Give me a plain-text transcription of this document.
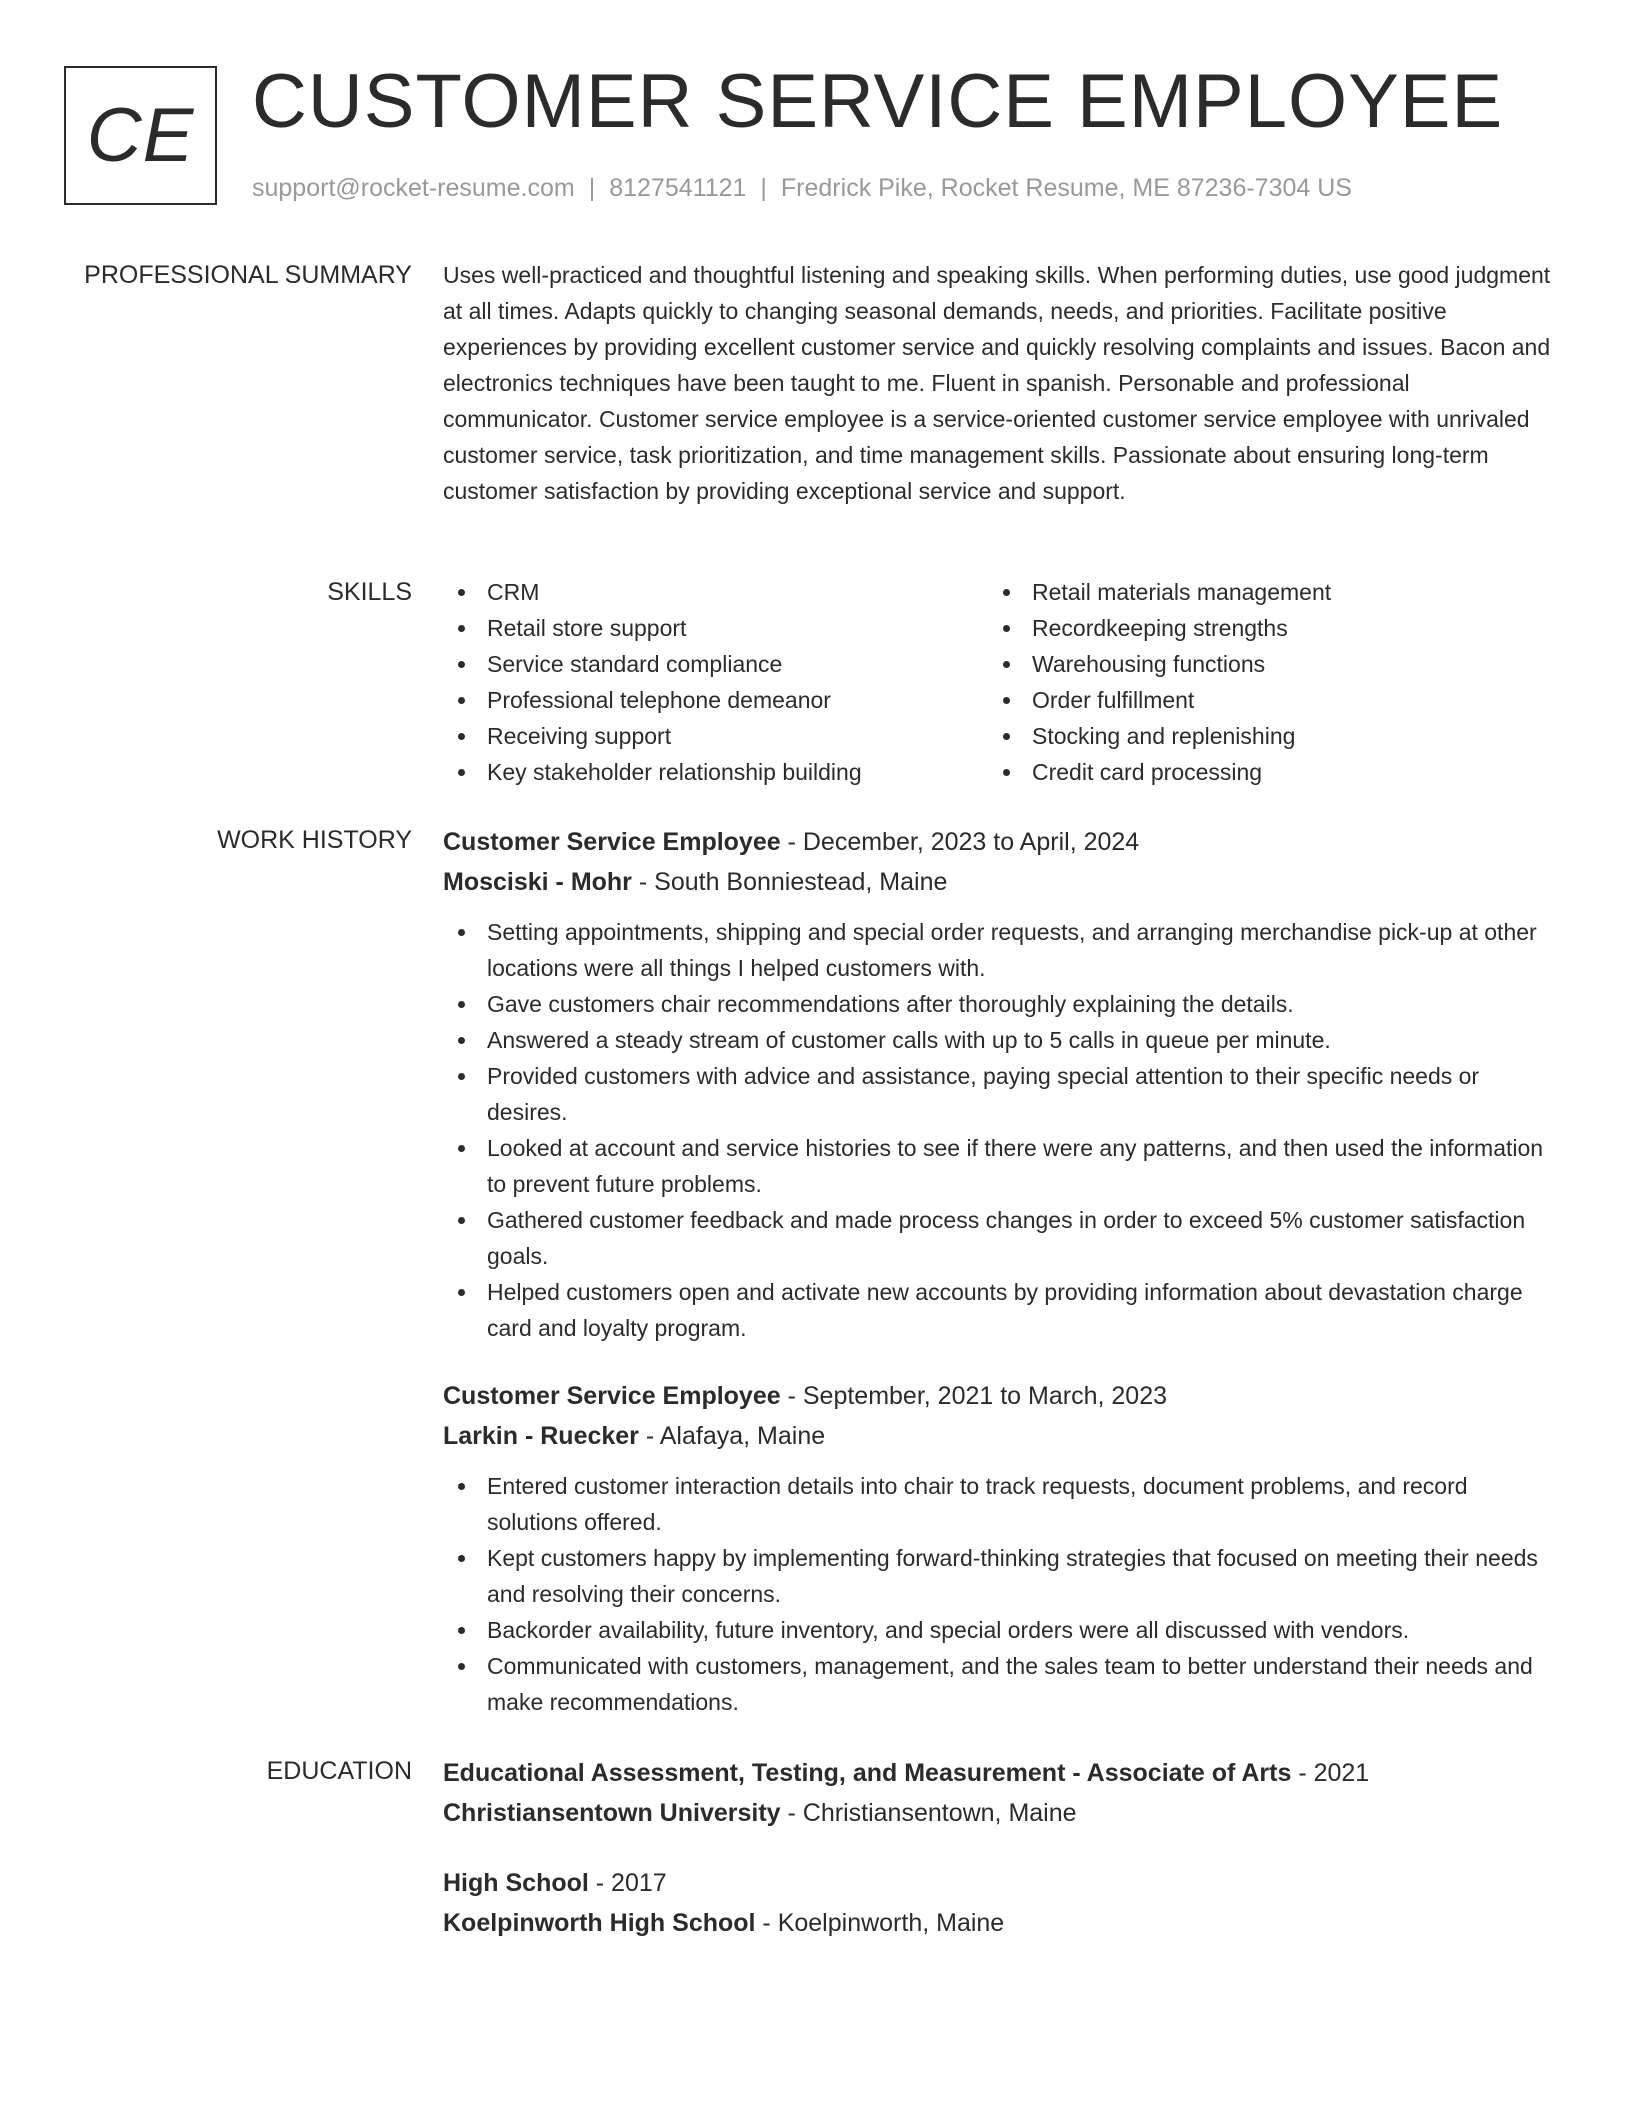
CE CUSTOMER SERVICE EMPLOYEE
support@rocket-resume.com | 8127541121 | Fredrick Pike, Rocket Resume, ME 87236-7304 US
PROFESSIONAL SUMMARY Uses well-practiced and thoughtful listening and speaking skills. When performing duties, use good judgment at all times. Adapts quickly to changing seasonal demands, needs, and priorities. Facilitate positive experiences by providing excellent customer service and quickly resolving complaints and issues. Bacon and electronics techniques have been taught to me. Fluent in spanish. Personable and professional communicator. Customer service employee is a service-oriented customer service employee with unrivaled customer service, task prioritization, and time management skills. Passionate about ensuring long-term customer satisfaction by providing exceptional service and support.

SKILLS	CRM
Retail store support
Service standard compliance
Professional telephone demeanor
Receiving support
Key stakeholder relationship building
Retail materials management
Recordkeeping strengths
Warehousing functions
Order fulfillment
Stocking and replenishing
Credit card processing
WORK HISTORY Customer Service Employee - December, 2023 to April, 2024
Mosciski - Mohr - South Bonniestead, Maine
Setting appointments, shipping and special order requests, and arranging merchandise pick-up at other locations were all things I helped customers with.
Gave customers chair recommendations after thoroughly explaining the details.
Answered a steady stream of customer calls with up to 5 calls in queue per minute.
Provided customers with advice and assistance, paying special attention to their specific needs or desires.
Looked at account and service histories to see if there were any patterns, and then used the information to prevent future problems.
Gathered customer feedback and made process changes in order to exceed 5% customer satisfaction goals.
Helped customers open and activate new accounts by providing information about devastation charge card and loyalty program.
Customer Service Employee - September, 2021 to March, 2023
Larkin - Ruecker - Alafaya, Maine
Entered customer interaction details into chair to track requests, document problems, and record solutions offered.
Kept customers happy by implementing forward-thinking strategies that focused on meeting their needs and resolving their concerns.
Backorder availability, future inventory, and special orders were all discussed with vendors.
Communicated with customers, management, and the sales team to better understand their needs and make recommendations.
EDUCATION Educational Assessment, Testing, and Measurement - Associate of Arts - 2021
Christiansentown University - Christiansentown, Maine
High School - 2017
Koelpinworth High School - Koelpinworth, Maine
